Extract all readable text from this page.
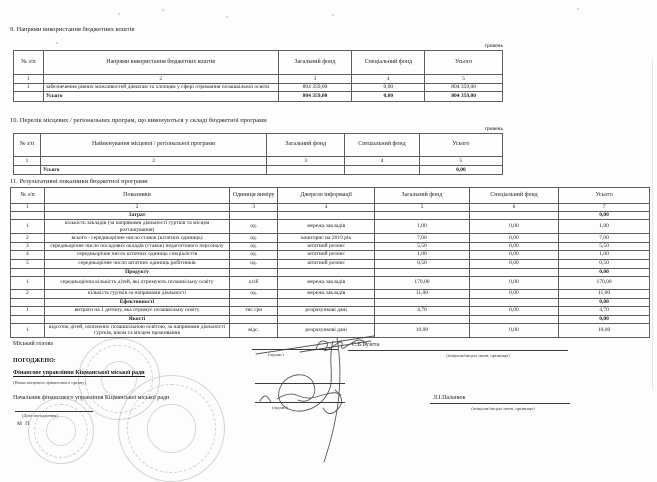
9. Напрями використання бюджетних коштів
гривень
№ з/п	Напрями використання бюджетних коштів	Загальний фонд	Спеціальний фонд	Усього
1	2	3	4	5
1	забезпечення рівних можливостей дівчатам та хлопцям у сфері отримання позашкільної освіти	804 359,00	0,00	804 359,00
	Усього	804 359,00	0,00	804 359,00
10. Перелік місцевих / регіональних програм, що виконуються у складі бюджетної програми
гривень
№ з/п	Найменування місцевої / регіональної програми	Загальний фонд	Спеціальний фонд	Усього
1	2	3	4	5
	Усього			0,00
11. Результативні показники бюджетної програми
№ з/п	Показники	Одиниця виміру	Джерело інформації	Загальний фонд	Спеціальний фонд	Усього
1	2	3	4	5	6	7
	Затрат					0,00
1	кількість закладів (за напрямами діяльності гуртків та місцем розташування)	од.	мережа закладів	1,00	0,00	1,00
2	всього - середньорічне число ставок (штатних одиниць)	од.	кошторис на 2019 рік	7,00	0,00	7,00
3	середньорічне число посадових окладів (ставок) педагогічного персоналу	од.	штатний розпис	5,50	0,00	5,50
4	середньорічне число штатних одиниць спеціалістів	од.	штатний розпис	1,00	0,00	1,00
5	середньорічне число штатних одиниць робітників	од.	штатний розпис	0,50	0,00	0,50
	Продукту					0,00
1	середньорічна кількість дітей, які отримують позашкільну освіту	осіб	мережа закладів	170,00	0,00	170,00
2	кількість гуртків за напрямами діяльності	од.	мережа закладів	11,00	0,00	11,00
	Ефективності					0,00
1	витрати на 1 дитину, яка отримує позашкільну освіту	тис.грн	розрахункові дані	4,70	0,00	4,70
	Якості					0,00
1	відсоток дітей, охоплених позашкільною освітою, за напрямами діяльності гуртків, віком та місцем проживання	відс.	розрахункові дані	10,00	0,00	10,00
Міський голова
(підпис)
С.Б.Бузета
(ініціали/ініціал імені, прізвище)
ПОГОДЖЕНО:
Фінансове управління Кіцманської міської ради
(Назва місцевого фінансового органу)
Начальник фінансового управління Кіцманської міської ради
(підпис)
Л.І.Паланюк
(ініціали/ініціал імені, прізвище)
(Дата погодження)
М П
